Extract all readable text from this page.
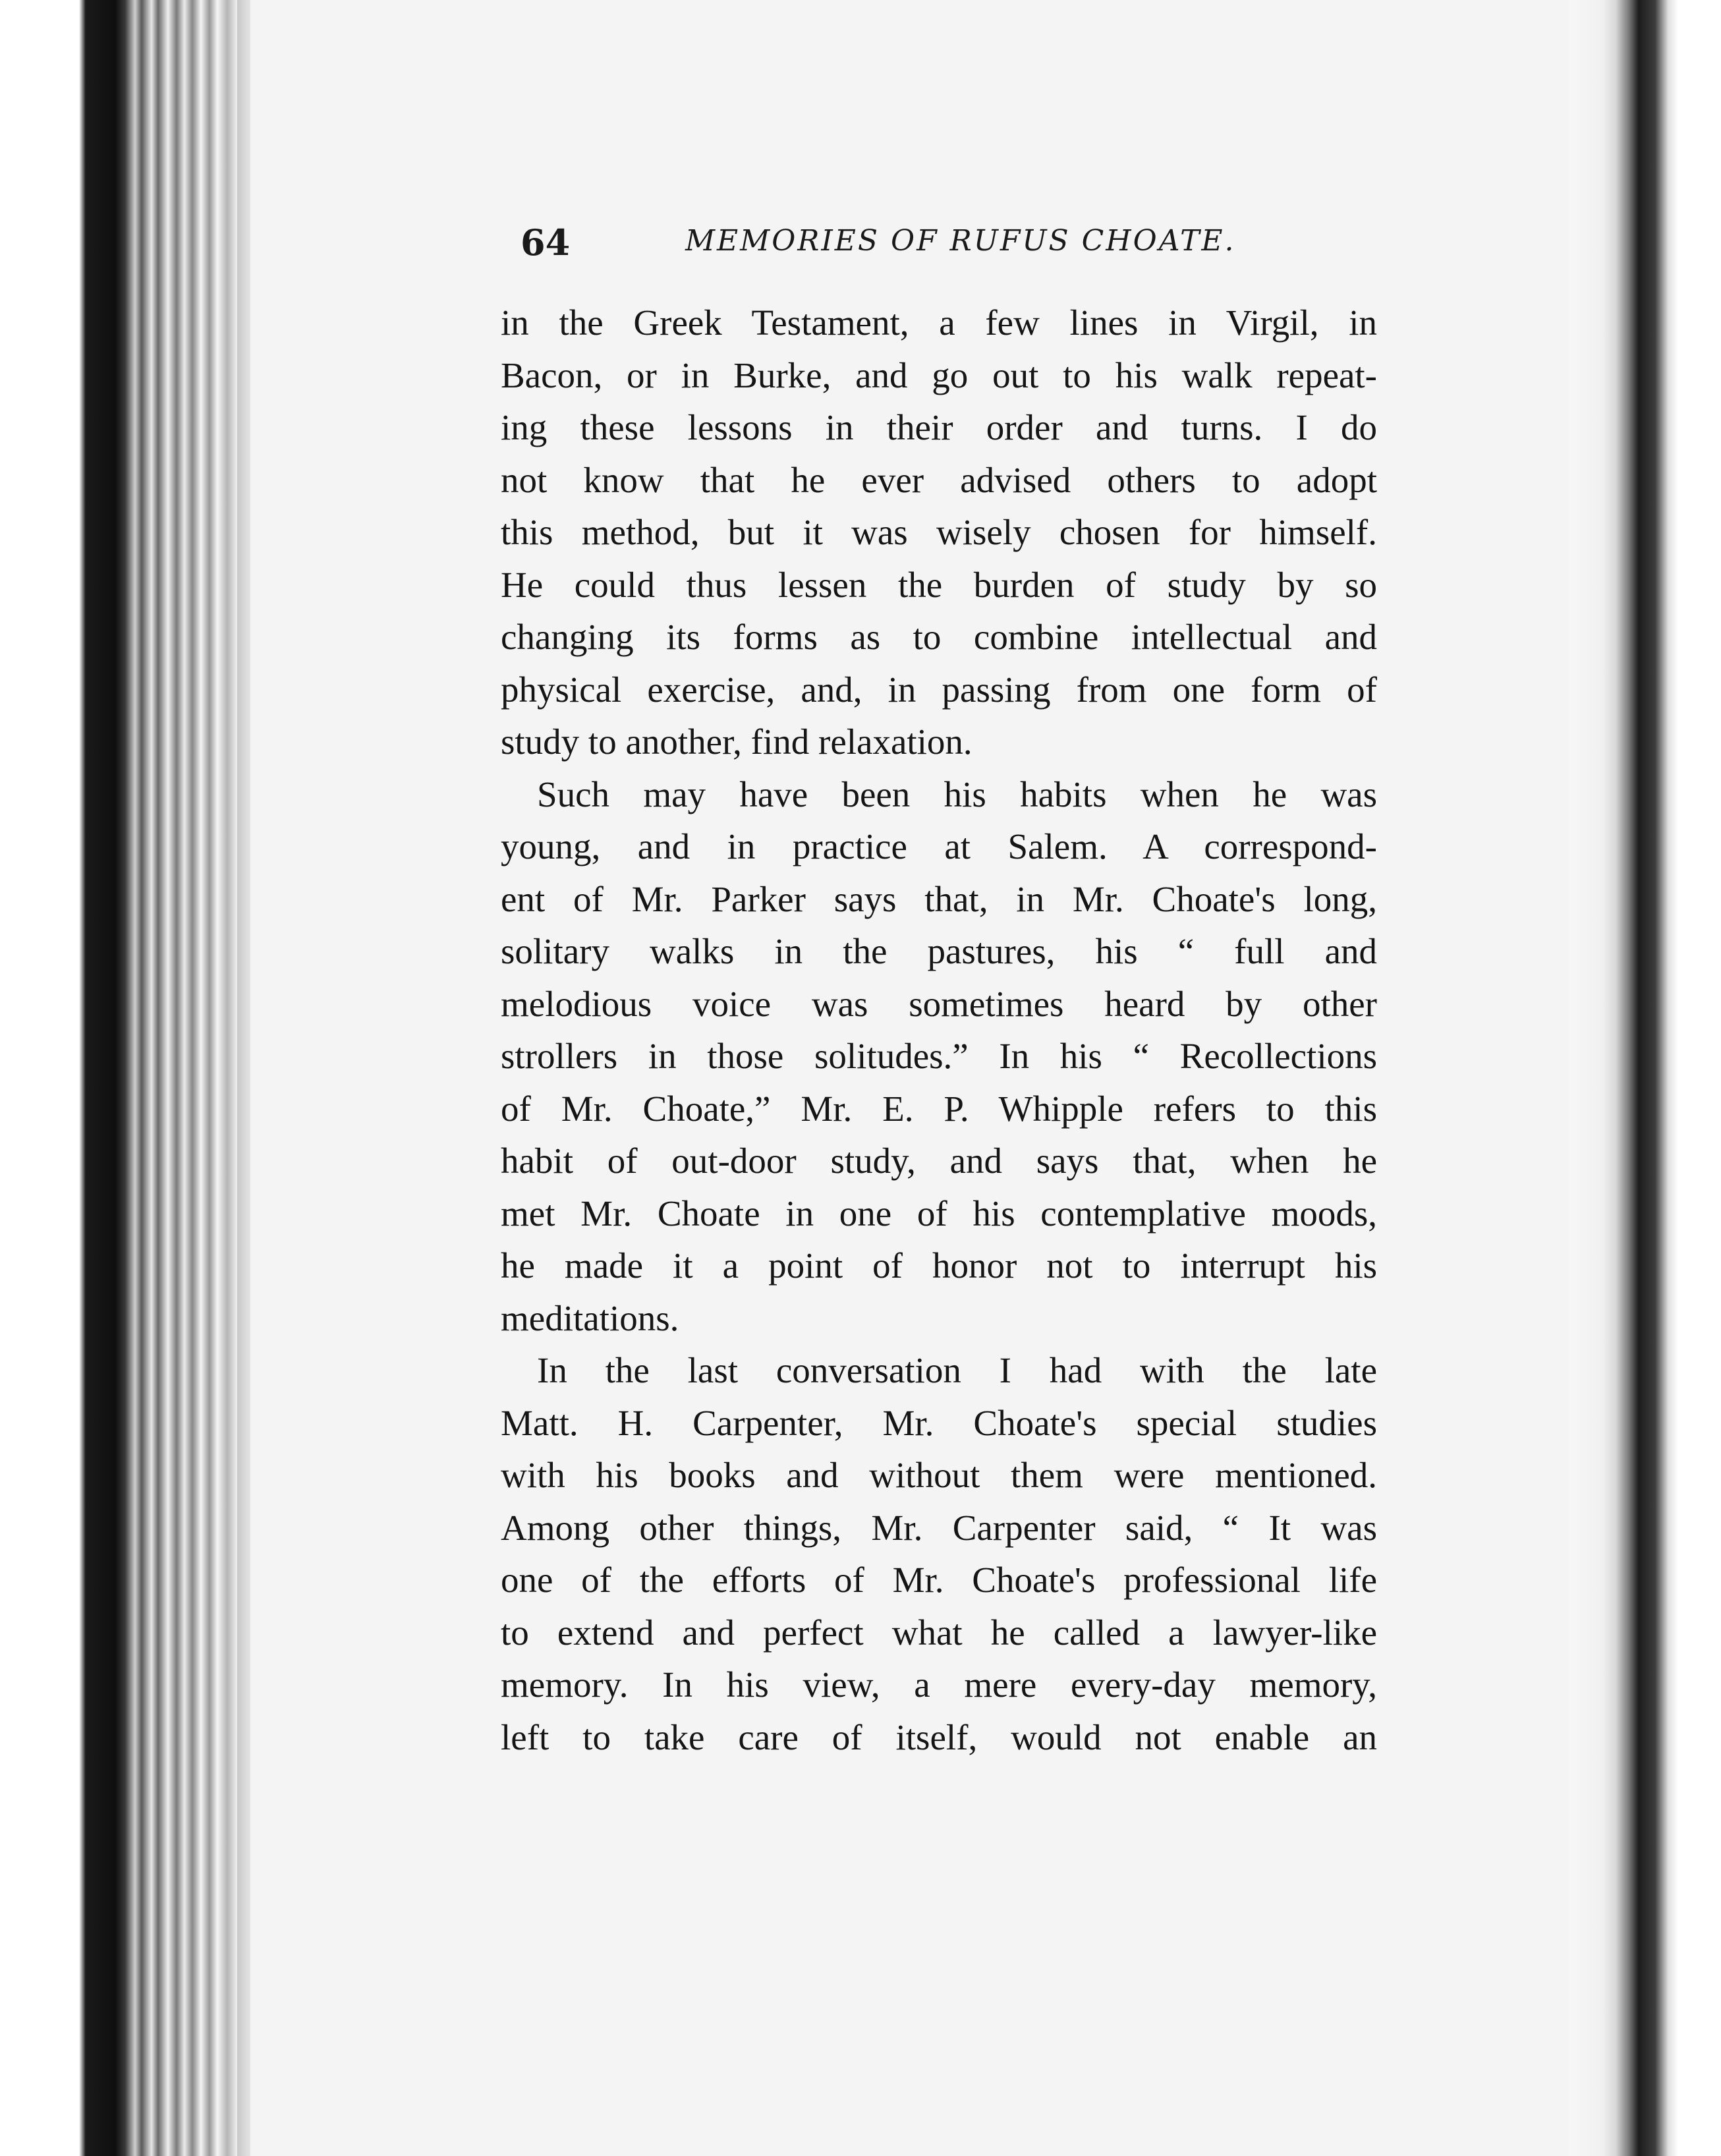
64	MEMORIES OF RUFUS CHOATE.
in the Greek Testament, a few lines in Virgil, in
Bacon, or in Burke, and go out to his walk repeat-
ing these lessons in their order and turns. I do
not know that he ever advised others to adopt
this method, but it was wisely chosen for himself.
He could thus lessen the burden of study by so
changing its forms as to combine intellectual and
physical exercise, and, in passing from one form of
study to another, find relaxation.
Such may have been his habits when he was
young, and in practice at Salem. A correspond-
ent of Mr. Parker says that, in Mr. Choate's long,
solitary walks in the pastures, his “ full and
melodious voice was sometimes heard by other
strollers in those solitudes.” In his “ Recollections
of Mr. Choate,” Mr. E. P. Whipple refers to this
habit of out-door study, and says that, when he
met Mr. Choate in one of his contemplative moods,
he made it a point of honor not to interrupt his
meditations.
In the last conversation I had with the late
Matt. H. Carpenter, Mr. Choate's special studies
with his books and without them were mentioned.
Among other things, Mr. Carpenter said, “ It was
one of the efforts of Mr. Choate's professional life
to extend and perfect what he called a lawyer-like
memory. In his view, a mere every-day memory,
left to take care of itself, would not enable an
